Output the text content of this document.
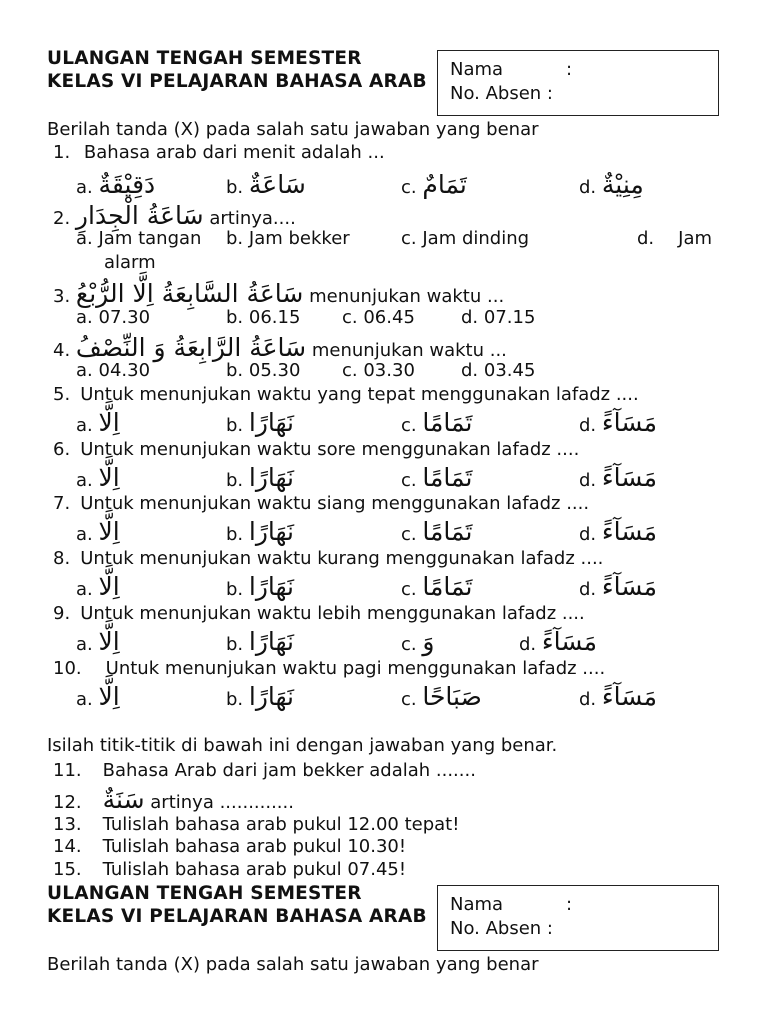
ULANGAN TENGAH SEMESTER
KELAS VI PELAJARAN BAHASA ARAB
Nama	:
No. Absen :
Berilah tanda (X) pada salah satu jawaban yang benar
1. Bahasa arab dari menit adalah ...
a. دَقِيْقَةٌ	b. سَاعَةٌ	c. تَمَامٌ	d. مِنِيْةٌ
2. سَاعَةُ الْجِدَارِ artinya....
a. Jam tangan b. Jam bekker	c. Jam dinding	d. Jam
alarm
3. سَاعَةُ السَّابِعَةُ اِلَّا الرُّبْعُ menunjukan waktu ...
a. 07.30	b. 06.15 c. 06.45	d. 07.15
4. سَاعَةُ الرَّابِعَةُ وَ النِّصْفُ menunjukan waktu ...
a. 04.30	b. 05.30 c. 03.30	d. 03.45
5. Untuk menunjukan waktu yang tepat menggunakan lafadz ....
a. اِلَّا	b. نَهَارًا	c. تَمَامًا	d. مَسَآءً
6. Untuk menunjukan waktu sore menggunakan lafadz ....
a. اِلَّا	b. نَهَارًا	c. تَمَامًا	d. مَسَآءً
7. Untuk menunjukan waktu siang menggunakan lafadz ....
a. اِلَّا	b. نَهَارًا	c. تَمَامًا	d. مَسَآءً
8. Untuk menunjukan waktu kurang menggunakan lafadz ....
a. اِلَّا	b. نَهَارًا	c. تَمَامًا	d. مَسَآءً
9. Untuk menunjukan waktu lebih menggunakan lafadz ....
a. اِلَّا	b. نَهَارًا	c. وَ	d. مَسَآءً
10. Untuk menunjukan waktu pagi menggunakan lafadz ....
a. اِلَّا	b. نَهَارًا	c. صَبَاحًا	d. مَسَآءً
Isilah titik-titik di bawah ini dengan jawaban yang benar.
11. Bahasa Arab dari jam bekker adalah .......
12. سَنَةٌ artinya .............
13. Tulislah bahasa arab pukul 12.00 tepat!
14. Tulislah bahasa arab pukul 10.30!
15. Tulislah bahasa arab pukul 07.45!
ULANGAN TENGAH SEMESTER
KELAS VI PELAJARAN BAHASA ARAB
Nama	:
No. Absen :
Berilah tanda (X) pada salah satu jawaban yang benar
